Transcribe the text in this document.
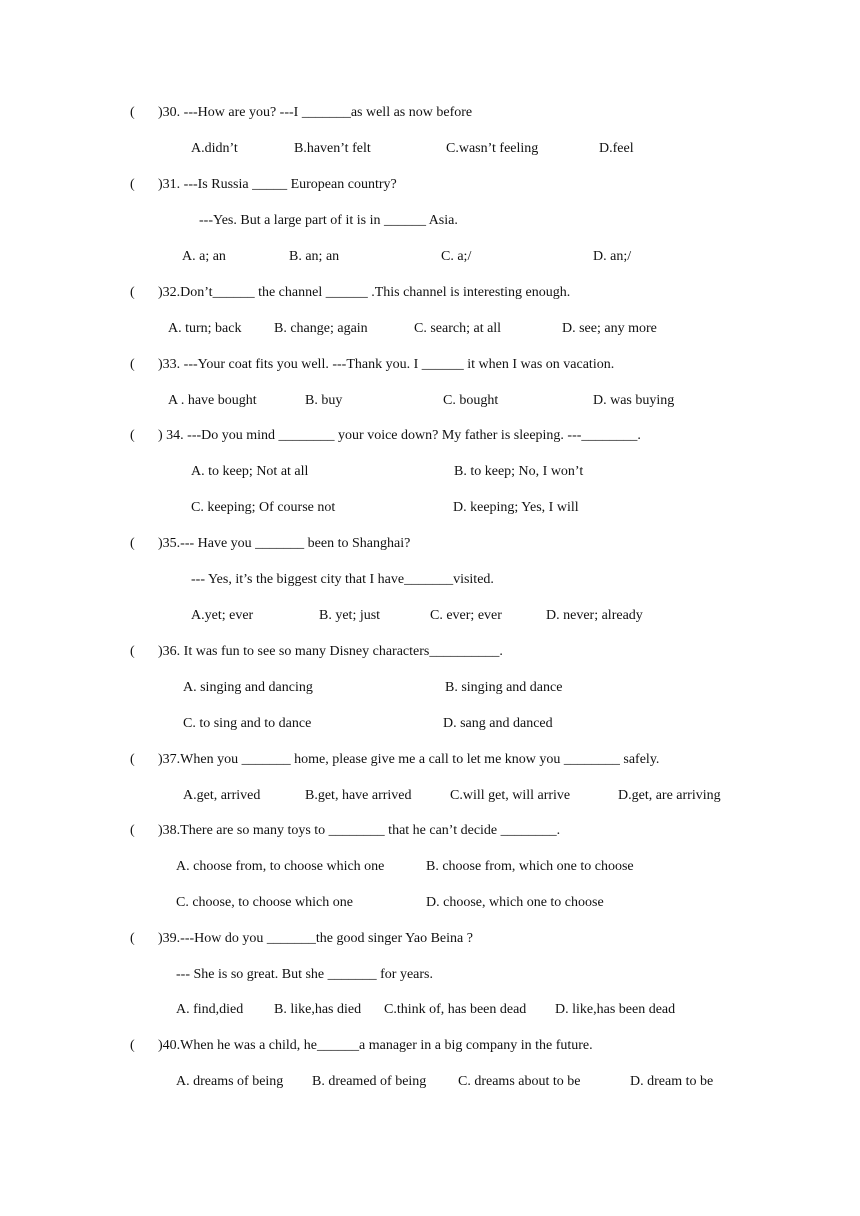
( )30. ---How are you? ---I _______as well as now before
A.didn’t	B.haven’t felt	C.wasn’t feeling	D.feel
( )31. ---Is Russia _____ European country?
---Yes. But a large part of it is in ______ Asia.
A. a; an	B. an; an	C. a;/	D. an;/
( )32.Don’t______ the channel ______ .This channel is interesting enough.
A. turn; back B. change; again	C. search; at all	D. see; any more
( )33. ---Your coat fits you well. ---Thank you. I ______ it when I was on vacation.
A . have bought	B. buy	C. bought	D. was buying
( ) 34. ---Do you mind ________ your voice down? My father is sleeping. ---________.
A. to keep; Not at all	B. to keep; No, I won’t
C. keeping; Of course not	D. keeping; Yes, I will
( )35.--- Have you _______ been to Shanghai?
--- Yes, it’s the biggest city that I have_______visited.
A.yet; ever	B. yet; just	C. ever; ever	D. never; already
( )36. It was fun to see so many Disney characters__________.
A. singing and dancing	B. singing and dance
C. to sing and to dance	D. sang and danced
( )37.When you _______ home, please give me a call to let me know you ________ safely.
A.get, arrived	B.get, have arrived	C.will get, will arrive	D.get, are arriving
( )38.There are so many toys to ________ that he can’t decide ________.
A. choose from, to choose which one	B. choose from, which one to choose
C. choose, to choose which one	D. choose, which one to choose
( )39.---How do you _______the good singer Yao Beina ?
--- She is so great. But she _______ for years.
A. find,died B. like,has died C.think of, has been dead D. like,has been dead
( )40.When he was a child, he______a manager in a big company in the future.
A. dreams of being B. dreamed of being C. dreams about to be	D. dream to be
